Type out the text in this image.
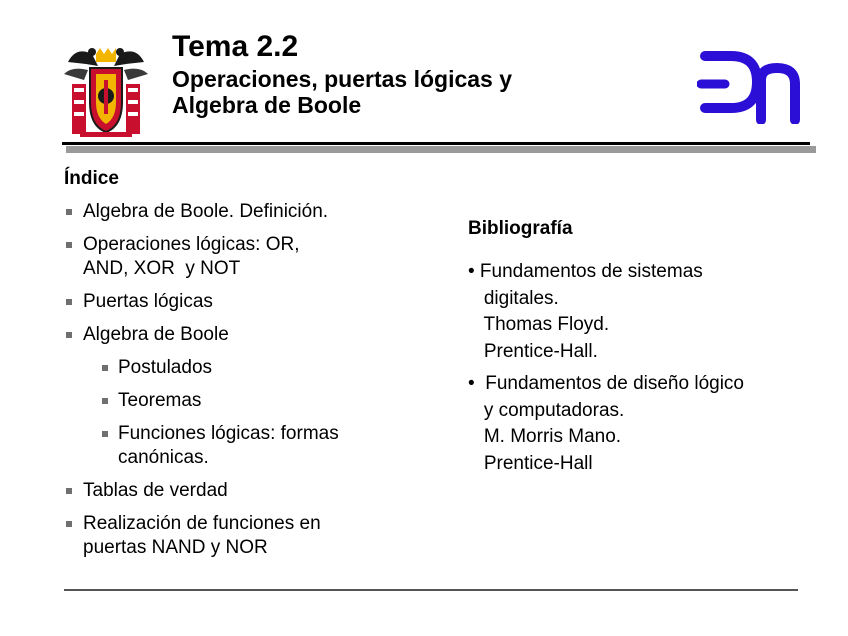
Tema 2.2

Operaciones, puertas lógicas y

Algebra de Boole

Índice
Algebra de Boole. Definición.
Operaciones lógicas: OR,
AND, XOR  y NOT
Puertas lógicas
Algebra de Boole
Postulados
Teoremas
Funciones lógicas: formas
canónicas.
Tablas de verdad
Realización de funciones en
puertas NAND y NOR
Bibliografía
• Fundamentos de sistemas
digitales.
Thomas Floyd.
Prentice-Hall.
•  Fundamentos de diseño lógico
y computadoras.
M. Morris Mano.
Prentice-Hall
